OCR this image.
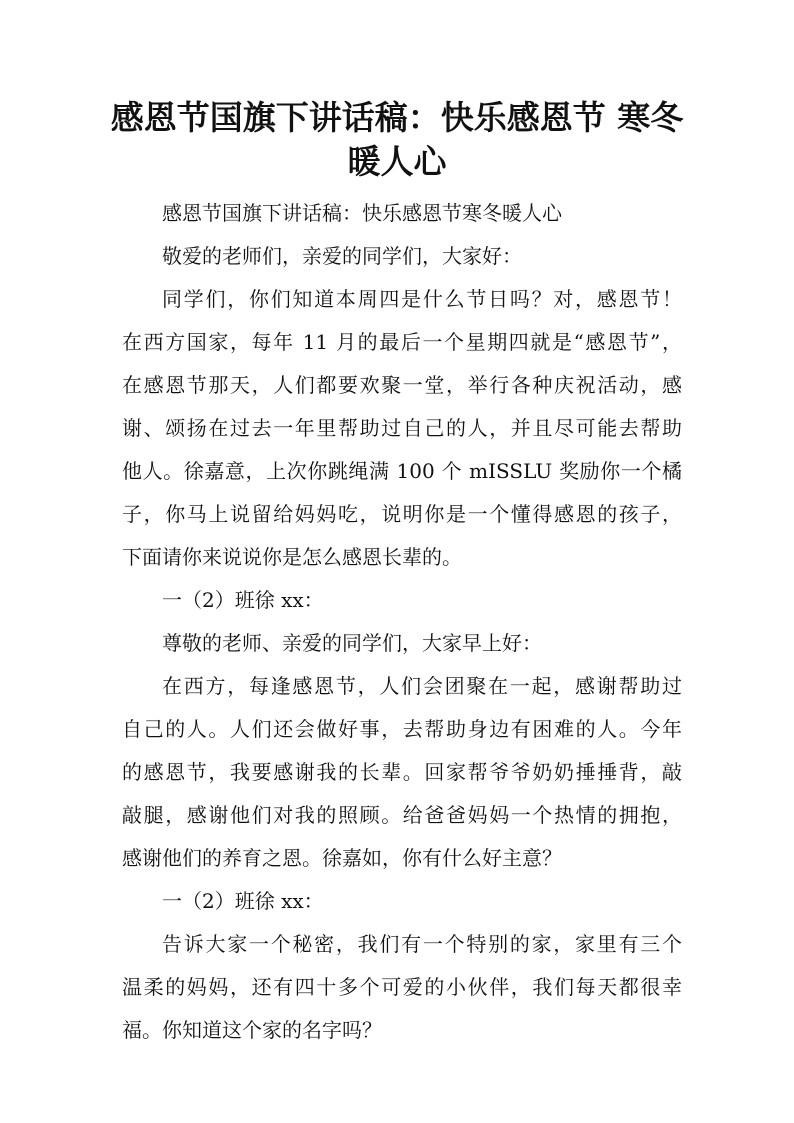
感恩节国旗下讲话稿：快乐感恩节 寒冬暖人心

感恩节国旗下讲话稿：快乐感恩节寒冬暖人心

敬爱的老师们，亲爱的同学们，大家好：

同学们，你们知道本周四是什么节日吗？对，感恩节！

在西方国家，每年 11 月的最后一个星期四就是“感恩节”，

在感恩节那天，人们都要欢聚一堂，举行各种庆祝活动，感

谢、颂扬在过去一年里帮助过自己的人，并且尽可能去帮助

他人。徐嘉意，上次你跳绳满 100 个 mISSLU 奖励你一个橘

子，你马上说留给妈妈吃，说明你是一个懂得感恩的孩子，

下面请你来说说你是怎么感恩长辈的。

一（2）班徐 xx：

尊敬的老师、亲爱的同学们，大家早上好：

在西方，每逢感恩节，人们会团聚在一起，感谢帮助过

自己的人。人们还会做好事，去帮助身边有困难的人。今年

的感恩节，我要感谢我的长辈。回家帮爷爷奶奶捶捶背，敲

敲腿，感谢他们对我的照顾。给爸爸妈妈一个热情的拥抱，

感谢他们的养育之恩。徐嘉如，你有什么好主意？

一（2）班徐 xx：

告诉大家一个秘密，我们有一个特别的家，家里有三个

温柔的妈妈，还有四十多个可爱的小伙伴，我们每天都很幸

福。你知道这个家的名字吗？
